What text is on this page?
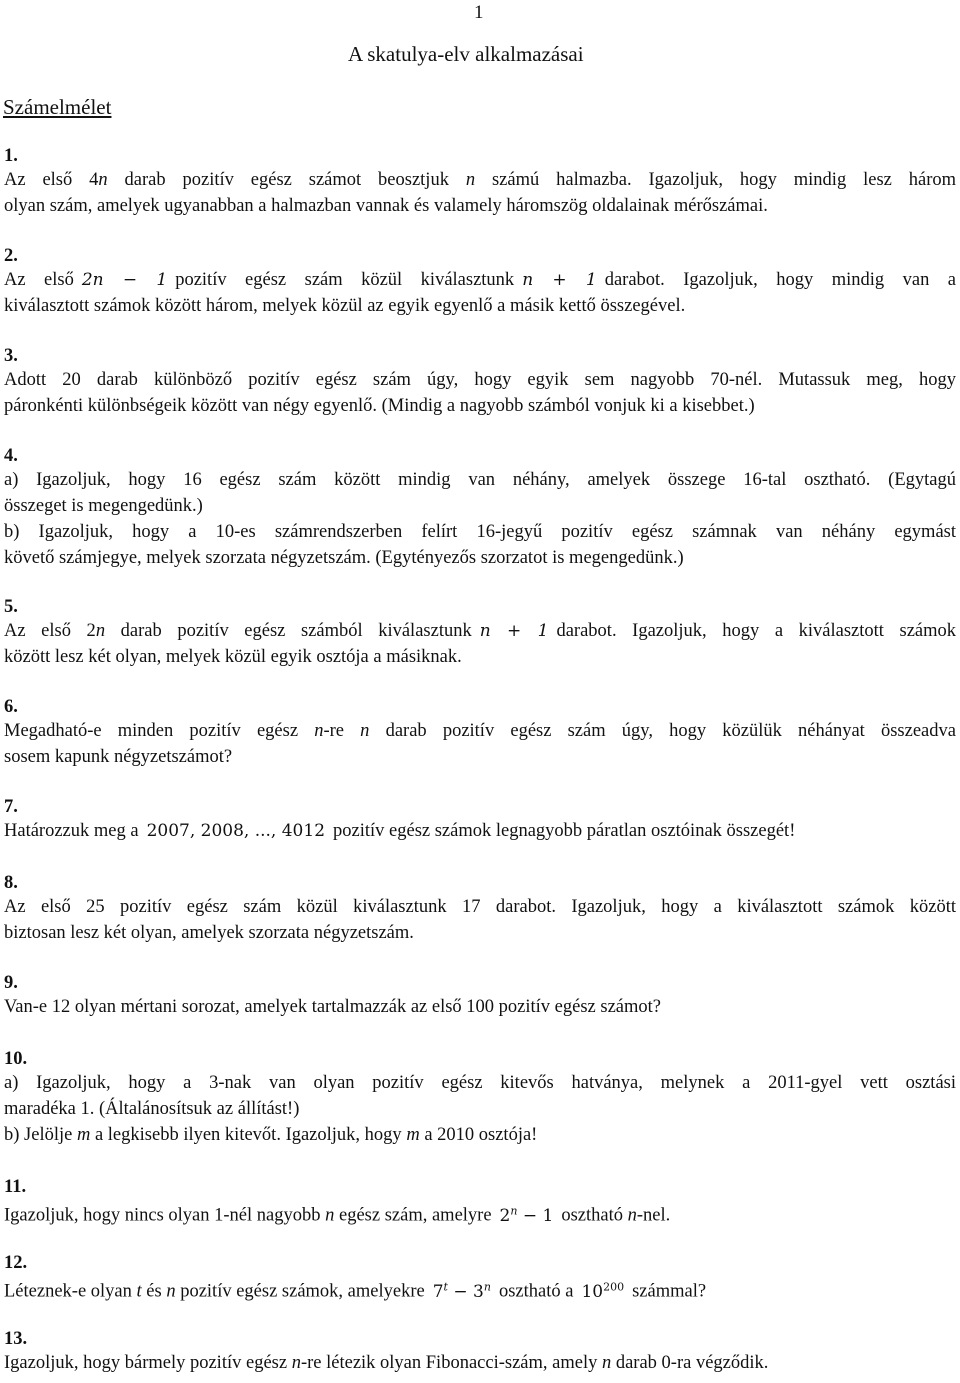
1
A skatulya-elv alkalmazásai
Számelmélet
1.
Az első 4n darab pozitív egész számot beosztjuk n számú halmazba. Igazoljuk, hogy mindig lesz három
olyan szám, amelyek ugyanabban a halmazban vannak és valamely háromszög oldalainak mérőszámai.
2.
Az első 2n − 1 pozitív egész szám közül kiválasztunk n + 1 darabot. Igazoljuk, hogy mindig van a
kiválasztott számok között három, melyek közül az egyik egyenlő a másik kettő összegével.
3.
Adott 20 darab különböző pozitív egész szám úgy, hogy egyik sem nagyobb 70-nél. Mutassuk meg, hogy
páronkénti különbségeik között van négy egyenlő. (Mindig a nagyobb számból vonjuk ki a kisebbet.)
4.
a) Igazoljuk, hogy 16 egész szám között mindig van néhány, amelyek összege 16-tal osztható. (Egytagú
összeget is megengedünk.)
b) Igazoljuk, hogy a 10-es számrendszerben felírt 16-jegyű pozitív egész számnak van néhány egymást
követő számjegye, melyek szorzata négyzetszám. (Egytényezős szorzatot is megengedünk.)
5.
Az első 2n darab pozitív egész számból kiválasztunk n + 1 darabot. Igazoljuk, hogy a kiválasztott számok
között lesz két olyan, melyek közül egyik osztója a másiknak.
6.
Megadható-e minden pozitív egész n-re n darab pozitív egész szám úgy, hogy közülük néhányat összeadva
sosem kapunk négyzetszámot?
7.
Határozzuk meg a 2007, 2008, ..., 4012 pozitív egész számok legnagyobb páratlan osztóinak összegét!
8.
Az első 25 pozitív egész szám közül kiválasztunk 17 darabot. Igazoljuk, hogy a kiválasztott számok között
biztosan lesz két olyan, amelyek szorzata négyzetszám.
9.
Van-e 12 olyan mértani sorozat, amelyek tartalmazzák az első 100 pozitív egész számot?
10.
a) Igazoljuk, hogy a 3-nak van olyan pozitív egész kitevős hatványa, melynek a 2011-gyel vett osztási
maradéka 1. (Általánosítsuk az állítást!)
b) Jelölje m a legkisebb ilyen kitevőt. Igazoljuk, hogy m a 2010 osztója!
11.
Igazoljuk, hogy nincs olyan 1-nél nagyobb n egész szám, amelyre $2^n - 1$ osztható n-nel.
12.
Léteznek-e olyan t és n pozitív egész számok, amelyekre $7^t - 3^n$ osztható a $10^{200}$ számmal?
13.
Igazoljuk, hogy bármely pozitív egész n-re létezik olyan Fibonacci-szám, amely n darab 0-ra végződik.
